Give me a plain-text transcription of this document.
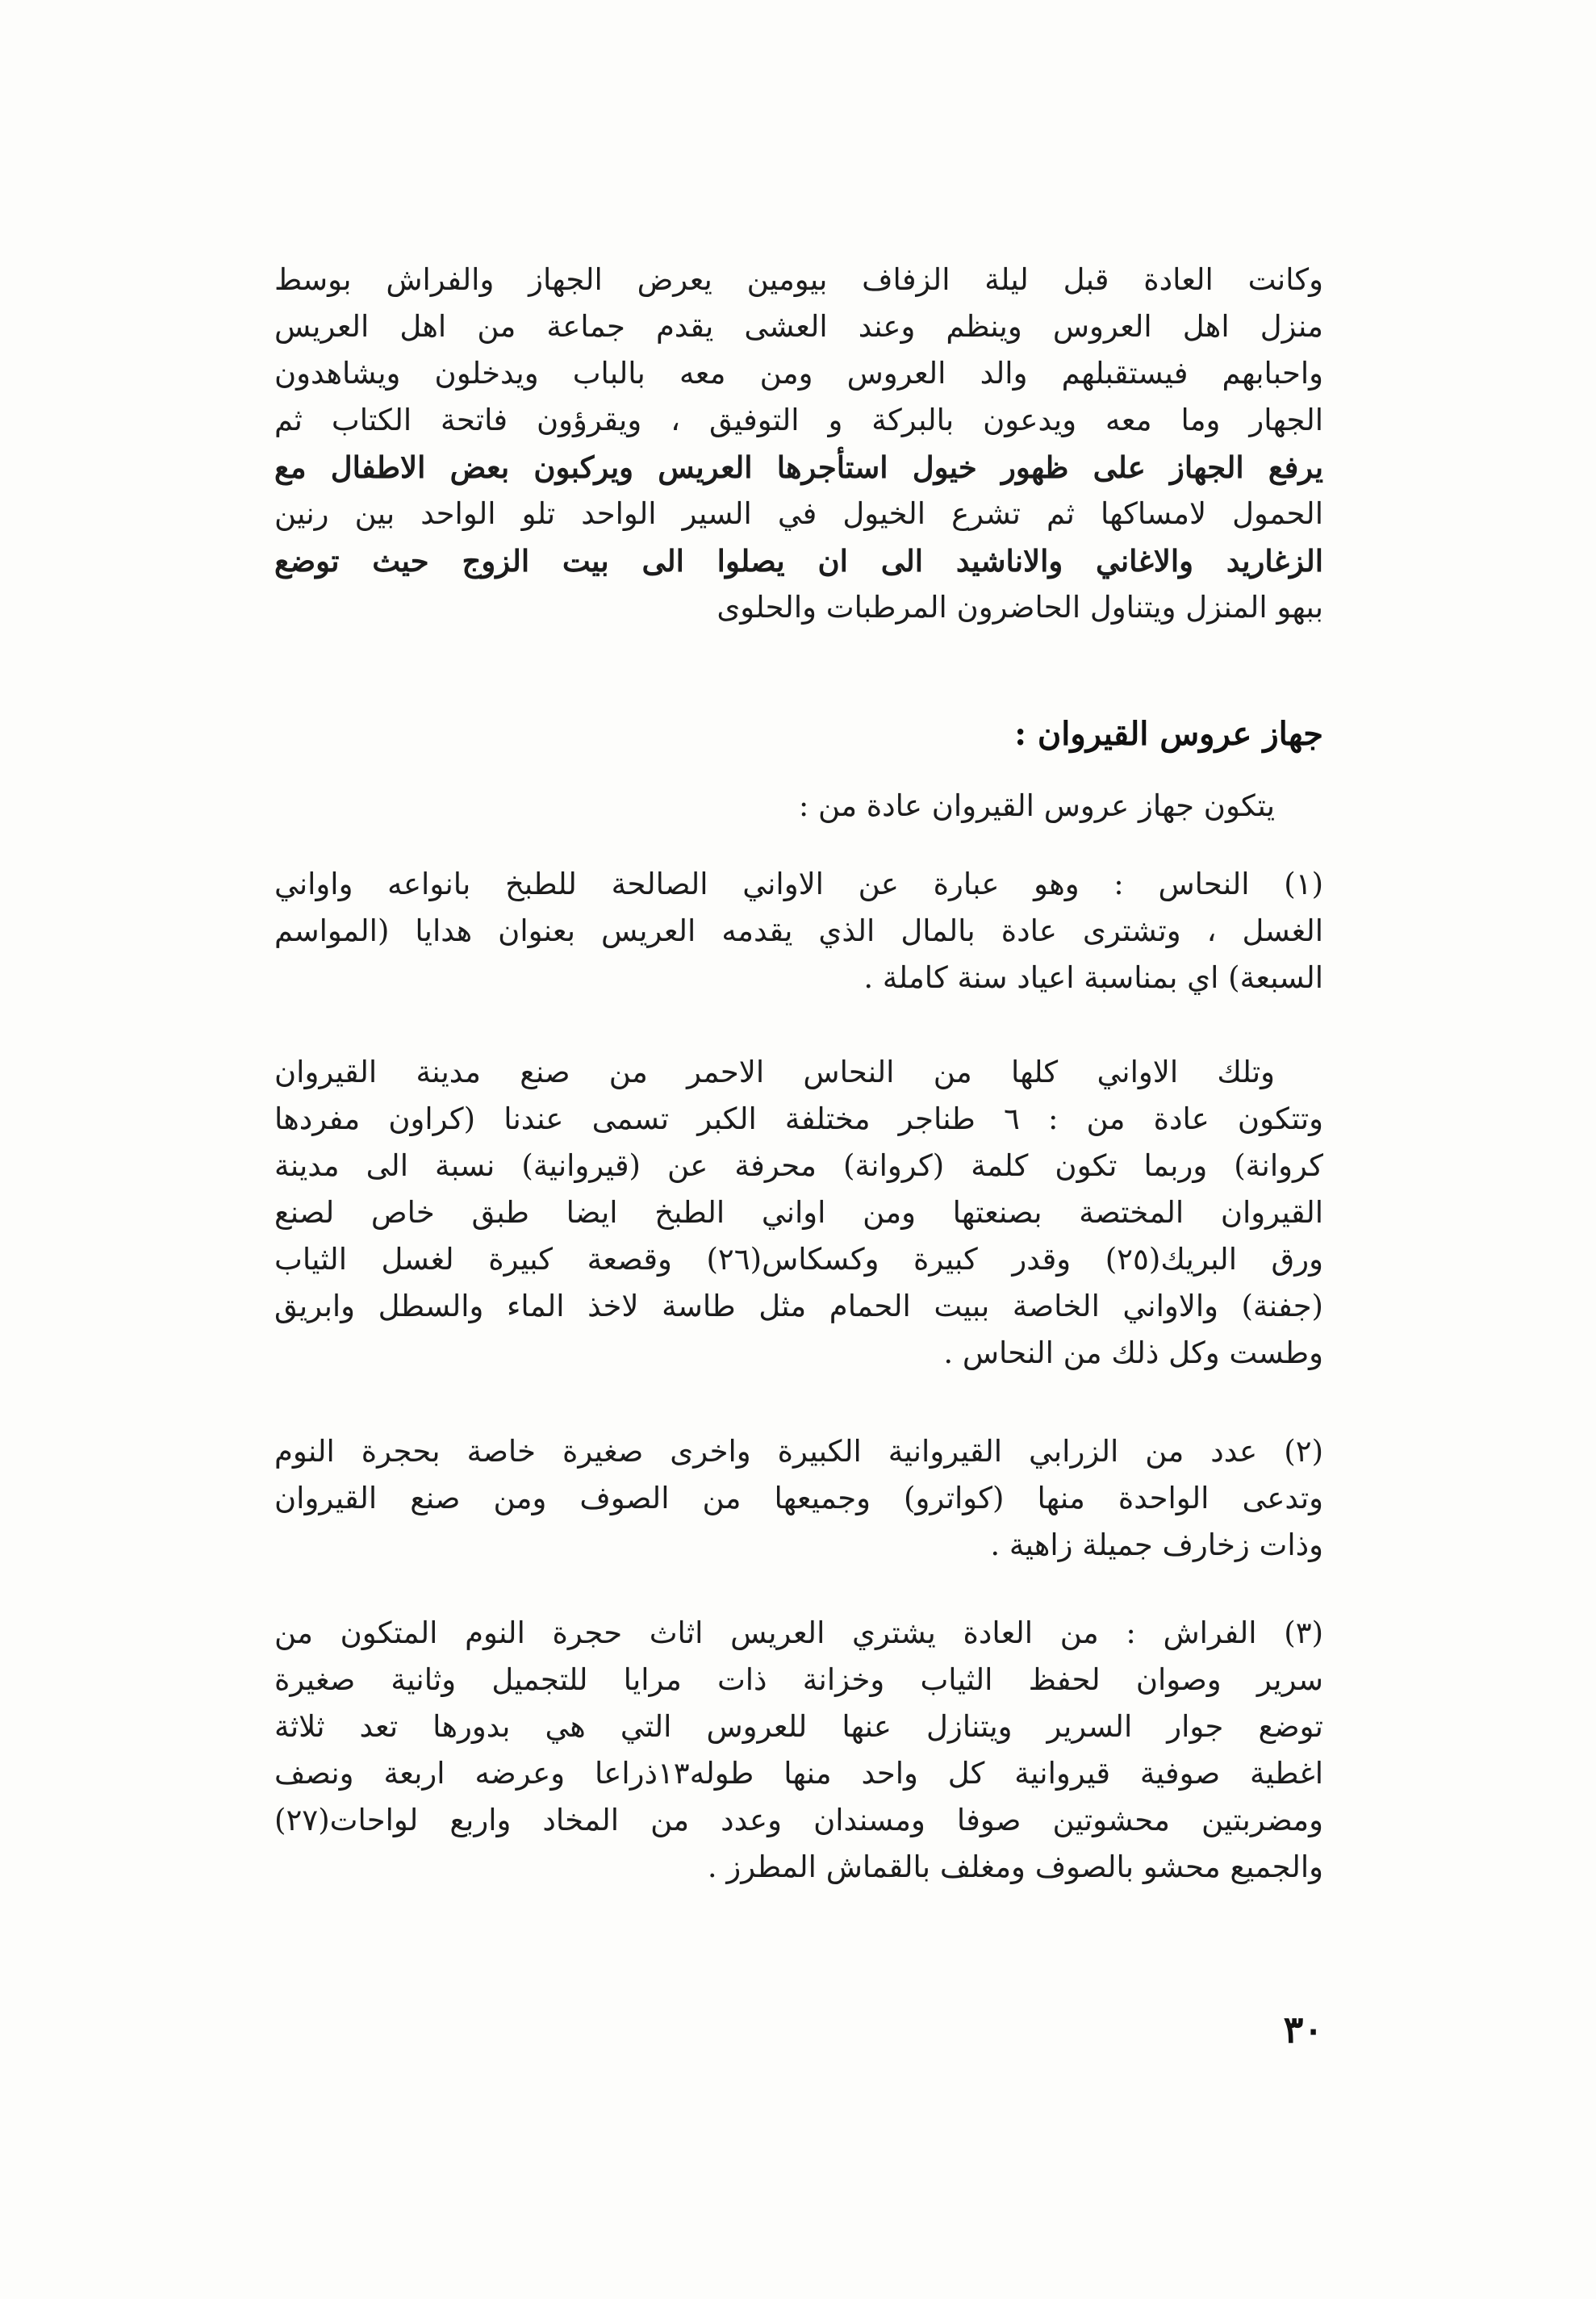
وكانت العادة قبل ليلة الزفاف بيومين يعرض الجهاز والفراش بوسط
منزل اهل العروس وينظم وعند العشى يقدم جماعة من اهل العريس
واحبابهم فيستقبلهم والد العروس ومن معه بالباب ويدخلون ويشاهدون
الجهار وما معه ويدعون بالبركة و التوفيق ، ويقرؤون فاتحة الكتاب ثم
يرفع الجهاز على ظهور خيول استأجرها العريس ويركبون بعض الاطفال مع
الحمول لامساكها ثم تشرع الخيول في السير الواحد تلو الواحد بين رنين
الزغاريد والاغاني والاناشيد الى ان يصلوا الى بيت الزوج حيث توضع
ببهو المنزل ويتناول الحاضرون المرطبات والحلوى
جهاز عروس القيروان :
يتكون جهاز عروس القيروان عادة من :
(١) النحاس : وهو عبارة عن الاواني الصالحة للطبخ بانواعه واواني
الغسل ، وتشترى عادة بالمال الذي يقدمه العريس بعنوان هدايا (المواسم
السبعة) اي بمناسبة اعياد سنة كاملة .
وتلك الاواني كلها من النحاس الاحمر من صنع مدينة القيروان
وتتكون عادة من : ٦ طناجر مختلفة الكبر تسمى عندنا (كراون مفردها
كروانة) وربما تكون كلمة (كروانة) محرفة عن (قيروانية) نسبة الى مدينة
القيروان المختصة بصنعتها ومن اواني الطبخ ايضا طبق خاص لصنع
ورق البريك(٢٥) وقدر كبيرة وكسكاس(٢٦) وقصعة كبيرة لغسل الثياب
(جفنة) والاواني الخاصة ببيت الحمام مثل طاسة لاخذ الماء والسطل وابريق
وطست وكل ذلك من النحاس .
(٢) عدد من الزرابي القيروانية الكبيرة واخرى صغيرة خاصة بحجرة النوم
وتدعى الواحدة منها (كواترو) وجميعها من الصوف ومن صنع القيروان
وذات زخارف جميلة زاهية .
(٣) الفراش : من العادة يشتري العريس اثاث حجرة النوم المتكون من
سرير وصوان لحفظ الثياب وخزانة ذات مرايا للتجميل وثانية صغيرة
توضع جوار السرير ويتنازل عنها للعروس التي هي بدورها تعد ثلاثة
اغطية صوفية قيروانية كل واحد منها طوله١٣ذراعا وعرضه اربعة ونصف
ومضربتين محشوتين صوفا ومسندان وعدد من المخاد واربع لواحات(٢٧)
والجميع محشو بالصوف ومغلف بالقماش المطرز .
٣٠
